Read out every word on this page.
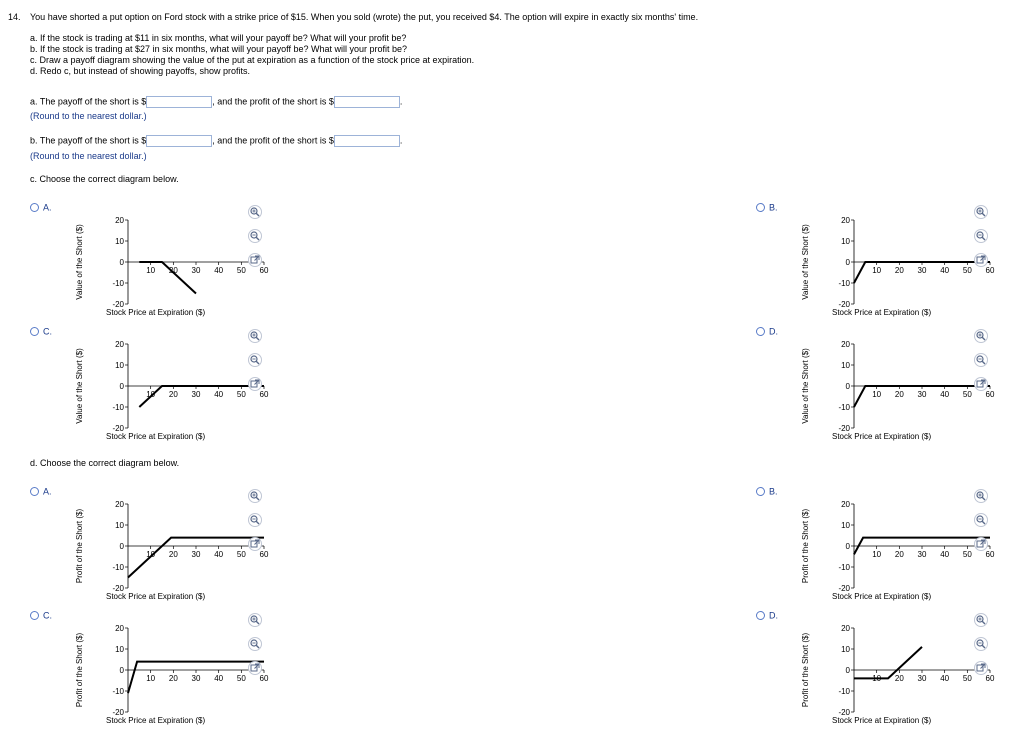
14. You have shorted a put option on Ford stock with a strike price of $15. When you sold (wrote) the put, you received $4. The option will expire in exactly six months' time.
a. If the stock is trading at $11 in six months, what will your payoff be? What will your profit be?
b. If the stock is trading at $27 in six months, what will your payoff be? What will your profit be?
c. Draw a payoff diagram showing the value of the put at expiration as a function of the stock price at expiration.
d. Redo c, but instead of showing payoffs, show profits.
a. The payoff of the short is $	, and the profit of the short is $	.
(Round to the nearest dollar.)
b. The payoff of the short is $	, and the profit of the short is $	.
(Round to the nearest dollar.)
c. Choose the correct diagram below.
d. Choose the correct diagram below.
A.
Value of the Short ($)
20
10
0
-10
-20
10 20 30 40 50 60
Stock Price at Expiration ($)
B.
Value of the Short ($)
20
10
0
-10
-20
10 20 30 40 50 60
Stock Price at Expiration ($)
C.
Value of the Short ($)
20
10
0
-10
-20
10 20 30 40 50 60
Stock Price at Expiration ($)
D.
Value of the Short ($)
20
10
0
-10
-20
10 20 30 40 50 60
Stock Price at Expiration ($)
A.
Profit of the Short ($)
20
10
0
-10
-20
10 20 30 40 50 60
Stock Price at Expiration ($)
B.
Profit of the Short ($)
20
10
0
-10
-20
10 20 30 40 50 60
Stock Price at Expiration ($)
C.
Profit of the Short ($)
20
10
0
-10
-20
10 20 30 40 50 60
Stock Price at Expiration ($)
D.
Profit of the Short ($)
20
10
0
-10
-20
10 20 30 40 50 60
Stock Price at Expiration ($)
